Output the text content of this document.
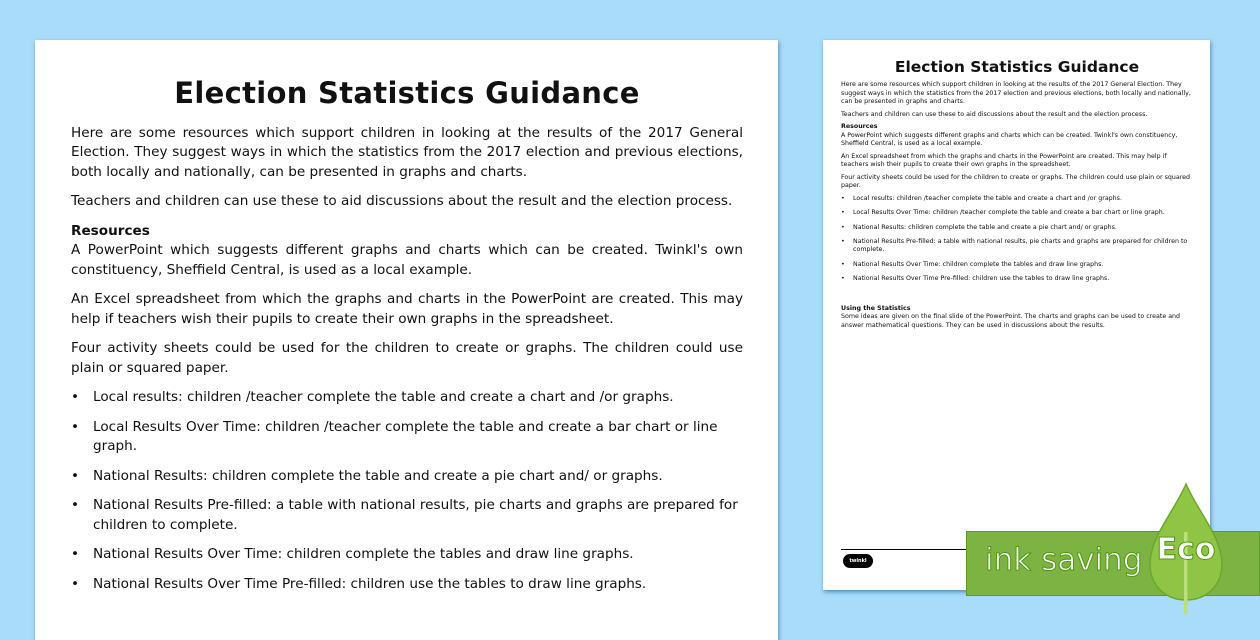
Election Statistics Guidance

Here are some resources which support children in looking at the results of the 2017 General Election. They suggest ways in which the statistics from the 2017 election and previous elections, both locally and nationally, can be presented in graphs and charts.

Teachers and children can use these to aid discussions about the result and the election process.

Resources

A PowerPoint which suggests different graphs and charts which can be created. Twinkl's own constituency, Sheffield Central, is used as a local example.

An Excel spreadsheet from which the graphs and charts in the PowerPoint are created. This may help if teachers wish their pupils to create their own graphs in the spreadsheet.

Four activity sheets could be used for the children to create or graphs. The children could use plain or squared paper.

• Local results: children /teacher complete the table and create a chart and /or graphs.
• Local Results Over Time: children /teacher complete the table and create a bar chart or line graph.
• National Results: children complete the table and create a pie chart and/ or graphs.
• National Results Pre-filled: a table with national results, pie charts and graphs are prepared for children to complete.
• National Results Over Time: children complete the tables and draw line graphs.
• National Results Over Time Pre-filled: children use the tables to draw line graphs.
Election Statistics Guidance

Here are some resources which support children in looking at the results of the 2017 General Election. They suggest ways in which the statistics from the 2017 election and previous elections, both locally and nationally, can be presented in graphs and charts.

Teachers and children can use these to aid discussions about the result and the election process.

Resources

A PowerPoint which suggests different graphs and charts which can be created. Twinkl's own constituency, Sheffield Central, is used as a local example.

An Excel spreadsheet from which the graphs and charts in the PowerPoint are created. This may help if teachers wish their pupils to create their own graphs in the spreadsheet.

Four activity sheets could be used for the children to create or graphs. The children could use plain or squared paper.

• Local results: children /teacher complete the table and create a chart and /or graphs.
• Local Results Over Time: children /teacher complete the table and create a bar chart or line graph.
• National Results: children complete the table and create a pie chart and/ or graphs.
• National Results Pre-filled: a table with national results, pie charts and graphs are prepared for children to complete.
• National Results Over Time: children complete the tables and draw line graphs.
• National Results Over Time Pre-filled: children use the tables to draw line graphs.
Using the Statistics

Some ideas are given on the final slide of the PowerPoint. The charts and graphs can be used to create and answer mathematical questions. They can be used in discussions about the results.

twinkl	ink saving Eco
